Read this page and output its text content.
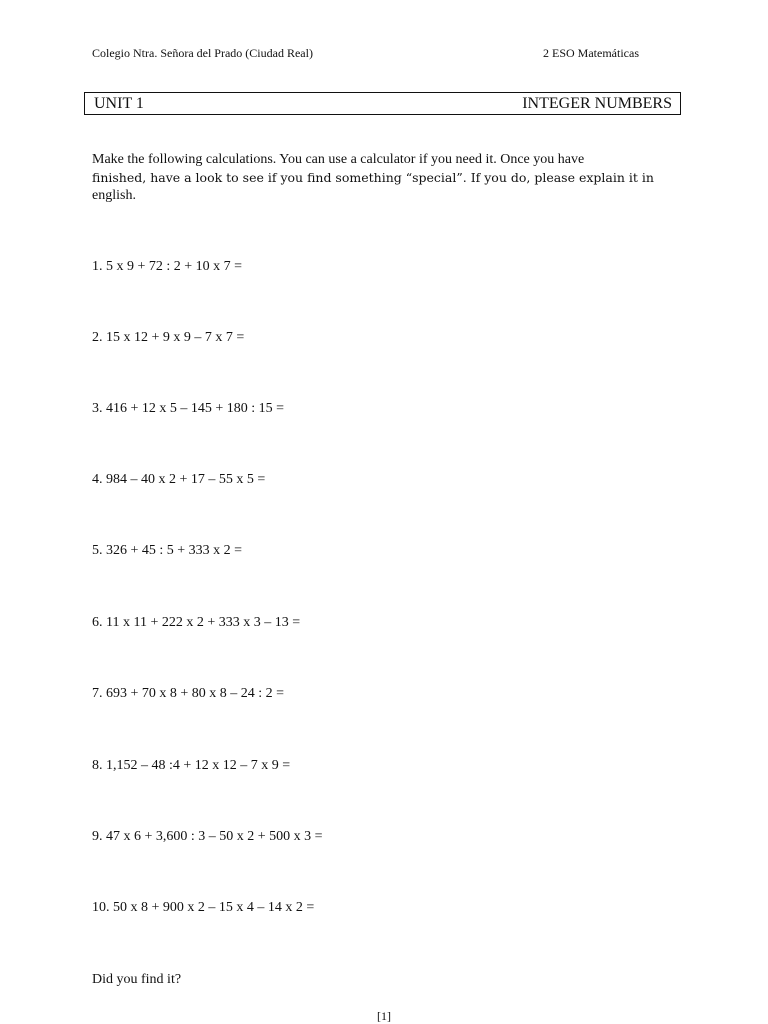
Colegio Ntra. Señora del Prado (Ciudad Real)	2 ESO Matemáticas
UNIT 1	INTEGER NUMBERS

Make the following calculations. You can use a calculator if you need it. Once you have
finished, have a look to see if you find something “special”. If you do, please explain it in
english.

1. 5 x 9 + 72 : 2 + 10 x 7 =
2. 15 x 12 + 9 x 9 – 7 x 7 =
3. 416 + 12 x 5 – 145 + 180 : 15 =
4. 984 – 40 x 2 + 17 – 55 x 5 =
5. 326 + 45 : 5 + 333 x 2 =
6. 11 x 11 + 222 x 2 + 333 x 3 – 13 =
7. 693 + 70 x 8 + 80 x 8 – 24 : 2 =
8. 1,152 – 48 :4 + 12 x 12 – 7 x 9 =
9. 47 x 6 + 3,600 : 3 – 50 x 2 + 500 x 3 =
10. 50 x 8 + 900 x 2 – 15 x 4 – 14 x 2 =
Did you find it?
[1]
